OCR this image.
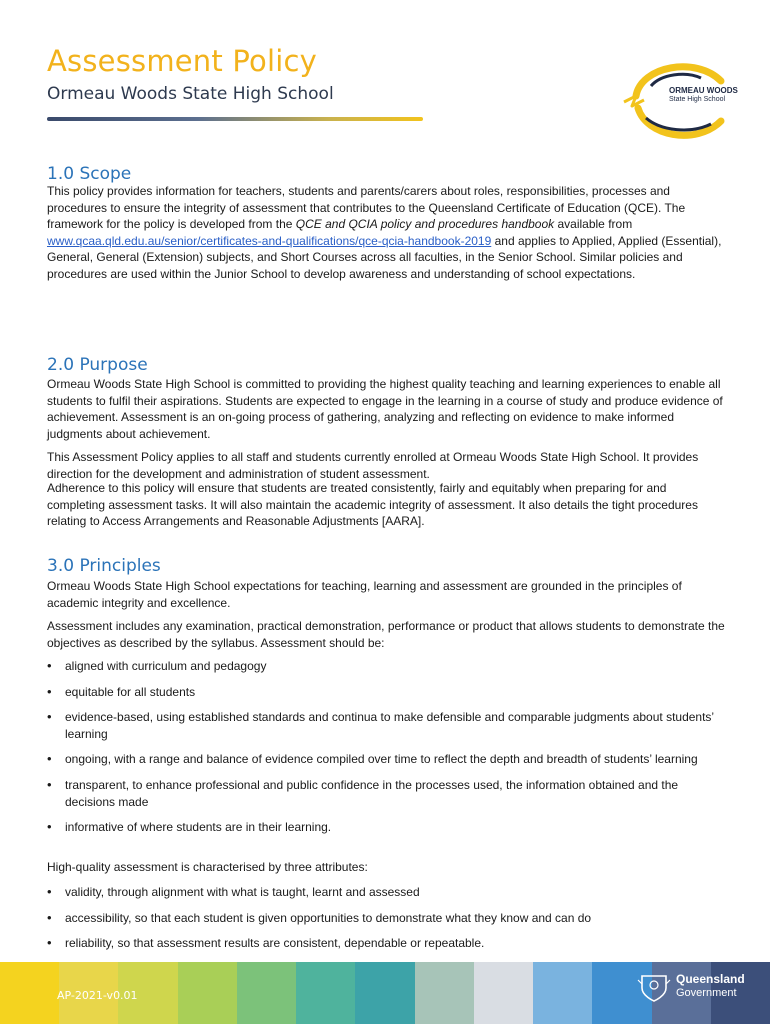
Assessment Policy
Ormeau Woods State High School	ORMEAU WOODS
State High School
1.0 Scope
This policy provides information for teachers, students and parents/carers about roles, responsibilities, processes and procedures to ensure the integrity of assessment that contributes to the Queensland Certificate of Education (QCE). The framework for the policy is developed from the QCE and QCIA policy and procedures handbook available from www.qcaa.qld.edu.au/senior/certificates-and-qualifications/qce-qcia-handbook-2019 and applies to Applied, Applied (Essential), General, General (Extension) subjects, and Short Courses across all faculties, in the Senior School. Similar policies and procedures are used within the Junior School to develop awareness and understanding of school expectations.
2.0 Purpose
Ormeau Woods State High School is committed to providing the highest quality teaching and learning experiences to enable all students to fulfil their aspirations. Students are expected to engage in the learning in a course of study and produce evidence of achievement. Assessment is an on-going process of gathering, analyzing and reflecting on evidence to make informed judgments about achievement.
This Assessment Policy applies to all staff and students currently enrolled at Ormeau Woods State High School. It provides direction for the development and administration of student assessment.
Adherence to this policy will ensure that students are treated consistently, fairly and equitably when preparing for and completing assessment tasks. It will also maintain the academic integrity of assessment. It also details the tight procedures relating to Access Arrangements and Reasonable Adjustments [AARA].
3.0 Principles
Ormeau Woods State High School expectations for teaching, learning and assessment are grounded in the principles of academic integrity and excellence.
Assessment includes any examination, practical demonstration, performance or product that allows students to demonstrate the objectives as described by the syllabus. Assessment should be:
• aligned with curriculum and pedagogy
• equitable for all students
• evidence-based, using established standards and continua to make defensible and comparable judgments about students’ learning
• ongoing, with a range and balance of evidence compiled over time to reflect the depth and breadth of students’ learning
• transparent, to enhance professional and public confidence in the processes used, the information obtained and the decisions made
• informative of where students are in their learning.
High-quality assessment is characterised by three attributes:
• validity, through alignment with what is taught, learnt and assessed
• accessibility, so that each student is given opportunities to demonstrate what they know and can do
• reliability, so that assessment results are consistent, dependable or repeatable.
AP-2021-v0.01
Queensland
Government
